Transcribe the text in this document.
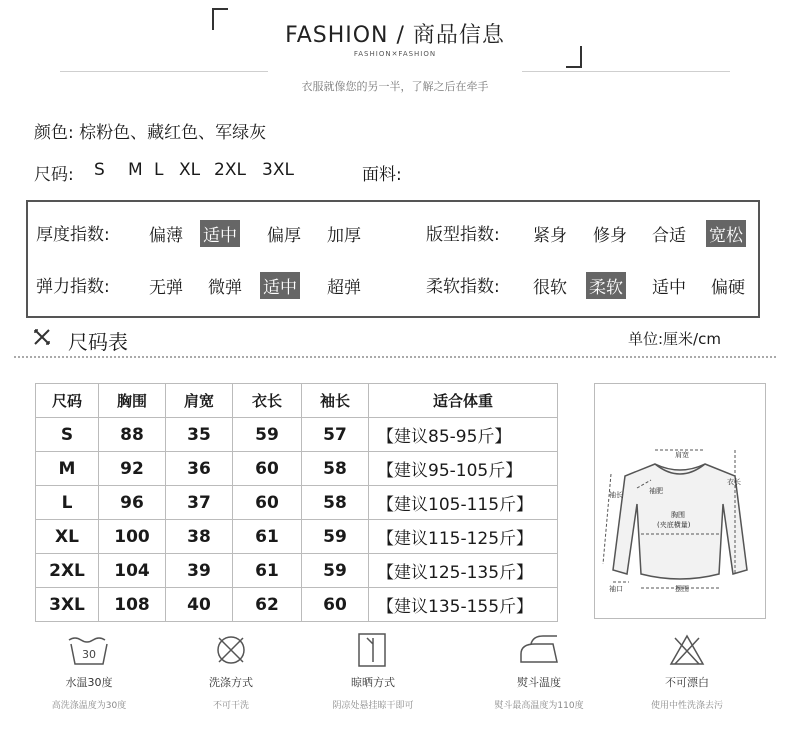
FASHION / 商品信息
FASHION✕FASHION
衣服就像您的另一半，了解之后在牵手
颜色: 棕粉色、藏红色、军绿灰
尺码: S M L XL 2XL 3XL	面料:
厚度指数: 偏薄 适中 偏厚 加厚	版型指数: 紧身 修身 合适 宽松
弹力指数: 无弹 微弹 适中 超弹	柔软指数: 很软 柔软 适中 偏硬
尺码表	单位:厘米/cm
尺码	胸围	肩宽	衣长	袖长	适合体重
S	88	35	59	57	【建议85-95斤】
M	92	36	60	58	【建议95-105斤】
L	96	37	60	58	【建议105-115斤】
XL	100	38	61	59	【建议115-125斤】
2XL	104	39	61	59	【建议125-135斤】
3XL	108	40	62	60	【建议135-155斤】
肩宽
衣长
袖长	袖肥
胸围
(夹底横量)
袖口	摆围
30
水温30度
高洗涤温度为30度
洗涤方式
不可干洗
晾晒方式
阴凉处悬挂晾干即可
熨斗温度
熨斗最高温度为110度
不可漂白
使用中性洗涤去污
